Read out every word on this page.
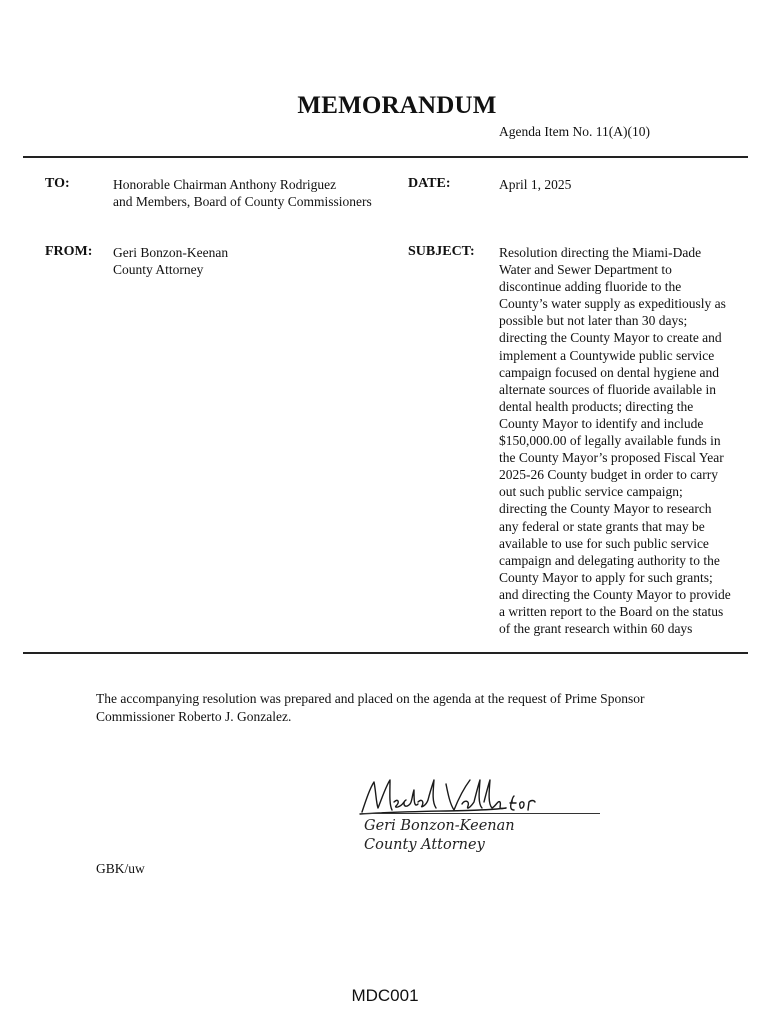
MEMORANDUM
Agenda Item No. 11(A)(10)
TO:	Honorable Chairman Anthony Rodriguez
and Members, Board of County Commissioners
DATE:	April 1, 2025
FROM: Geri Bonzon-Keenan
County Attorney
SUBJECT: Resolution directing the Miami-Dade
Water and Sewer Department to
discontinue adding fluoride to the
County’s water supply as expeditiously as
possible but not later than 30 days;
directing the County Mayor to create and
implement a Countywide public service
campaign focused on dental hygiene and
alternate sources of fluoride available in
dental health products; directing the
County Mayor to identify and include
$150,000.00 of legally available funds in
the County Mayor’s proposed Fiscal Year
2025-26 County budget in order to carry
out such public service campaign;
directing the County Mayor to research
any federal or state grants that may be
available to use for such public service
campaign and delegating authority to the
County Mayor to apply for such grants;
and directing the County Mayor to provide
a written report to the Board on the status
of the grant research within 60 days
The accompanying resolution was prepared and placed on the agenda at the request of Prime Sponsor
Commissioner Roberto J. Gonzalez.
Michael Valdes for
Geri Bonzon-Keenan
County Attorney
GBK/uw
MDC001
